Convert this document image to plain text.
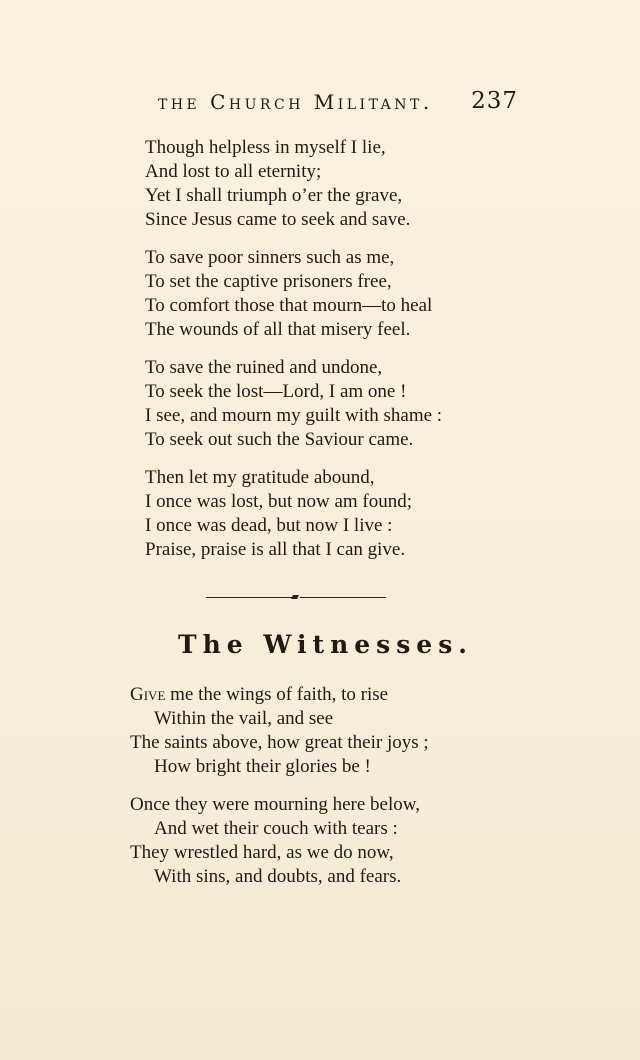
the Church Militant. 237
Though helpless in myself I lie,
And lost to all eternity;
Yet I shall triumph o’er the grave,
Since Jesus came to seek and save.
To save poor sinners such as me,
To set the captive prisoners free,
To comfort those that mourn—to heal
The wounds of all that misery feel.
To save the ruined and undone,
To seek the lost—Lord, I am one !
I see, and mourn my guilt with shame :
To seek out such the Saviour came.
Then let my gratitude abound,
I once was lost, but now am found;
I once was dead, but now I live :
Praise, praise is all that I can give.
The Witnesses.
Give me the wings of faith, to rise
Within the vail, and see
The saints above, how great their joys ;
How bright their glories be !
Once they were mourning here below,
And wet their couch with tears :
They wrestled hard, as we do now,
With sins, and doubts, and fears.
